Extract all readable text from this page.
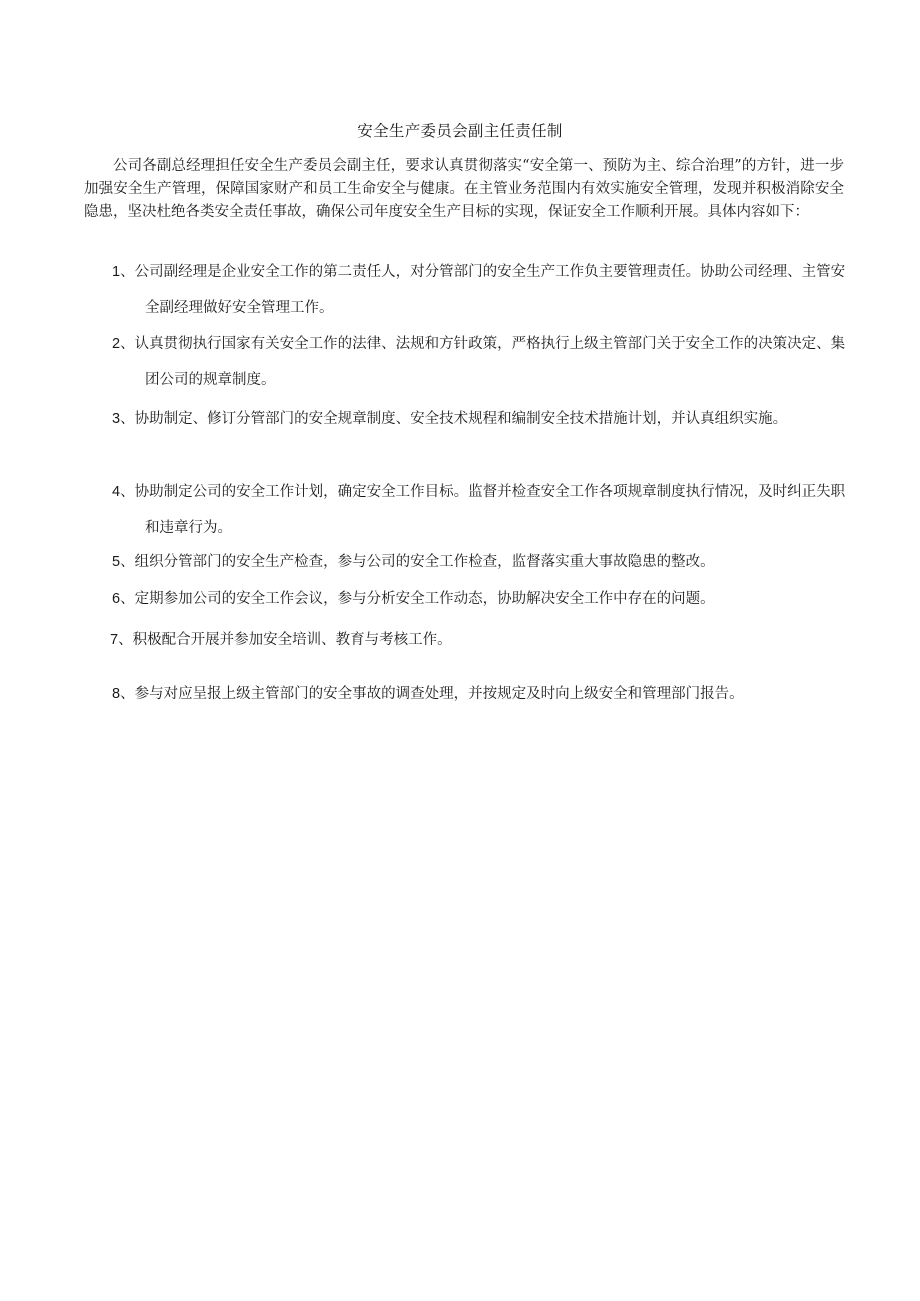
安全生产委员会副主任责任制

公司各副总经理担任安全生产委员会副主任，要求认真贯彻落实“安全第一、预防为主、综合治理”的方针，进一步加强安全生产管理，保障国家财产和员工生命安全与健康。在主管业务范围内有效实施安全管理，发现并积极消除安全隐患，坚决杜绝各类安全责任事故，确保公司年度安全生产目标的实现，保证安全工作顺利开展。具体内容如下：

1、公司副经理是企业安全工作的第二责任人，对分管部门的安全生产工作负主要管理责任。协助公司经理、主管安全副经理做好安全管理工作。

2、认真贯彻执行国家有关安全工作的法律、法规和方针政策，严格执行上级主管部门关于安全工作的决策决定、集团公司的规章制度。

3、协助制定、修订分管部门的安全规章制度、安全技术规程和编制安全技术措施计划，并认真组织实施。

4、协助制定公司的安全工作计划，确定安全工作目标。监督并检查安全工作各项规章制度执行情况，及时纠正失职和违章行为。

5、组织分管部门的安全生产检查，参与公司的安全工作检查，监督落实重大事故隐患的整改。

6、定期参加公司的安全工作会议，参与分析安全工作动态，协助解决安全工作中存在的问题。

7、积极配合开展并参加安全培训、教育与考核工作。

8、参与对应呈报上级主管部门的安全事故的调查处理，并按规定及时向上级安全和管理部门报告。
